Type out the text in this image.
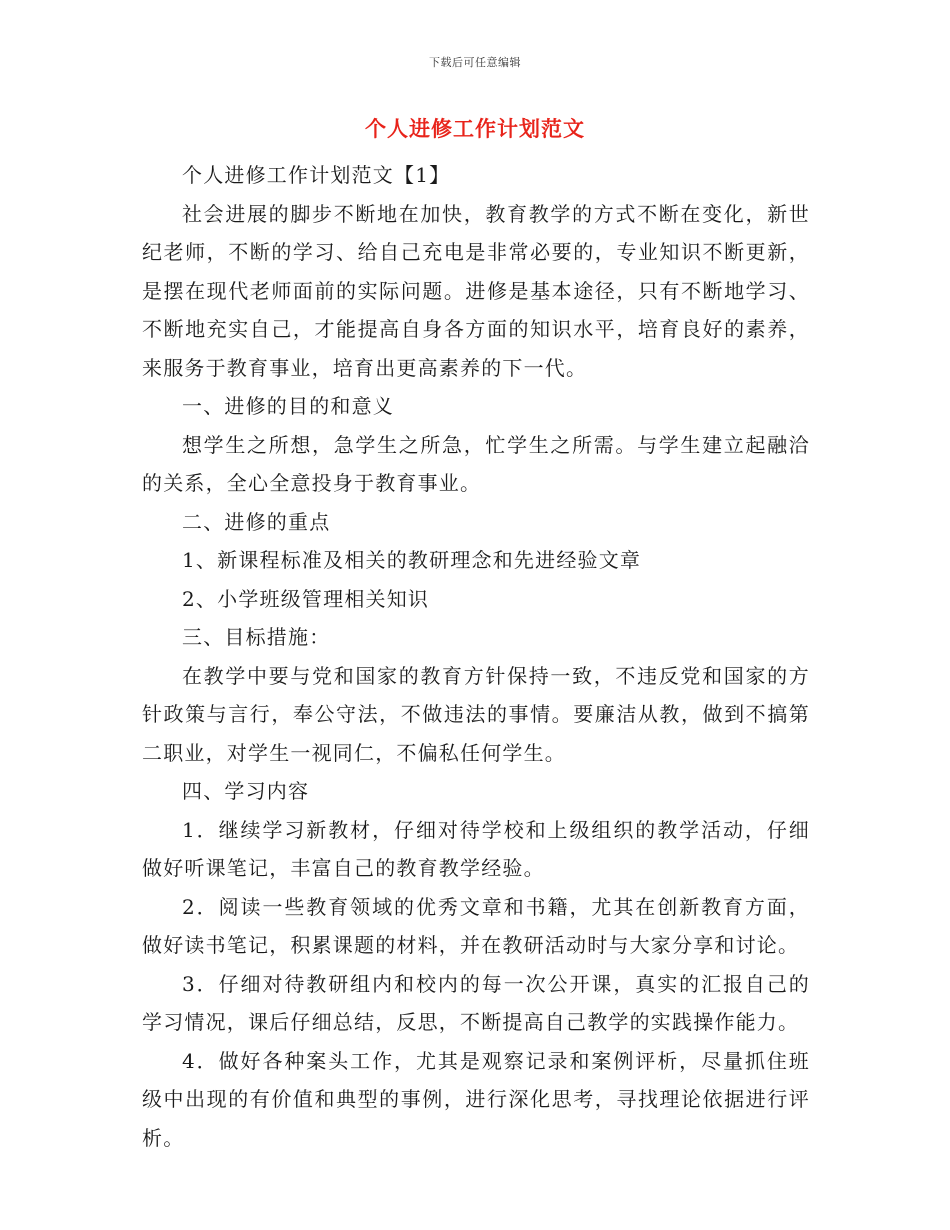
下载后可任意编辑
个人进修工作计划范文

个人进修工作计划范文【1】

社会进展的脚步不断地在加快，教育教学的方式不断在变化，新世纪老师，不断的学习、给自己充电是非常必要的，专业知识不断更新，是摆在现代老师面前的实际问题。进修是基本途径，只有不断地学习、不断地充实自己，才能提高自身各方面的知识水平，培育良好的素养，来服务于教育事业，培育出更高素养的下一代。

一、进修的目的和意义

想学生之所想，急学生之所急，忙学生之所需。与学生建立起融洽的关系，全心全意投身于教育事业。

二、进修的重点

1、新课程标准及相关的教研理念和先进经验文章

2、小学班级管理相关知识

三、目标措施：

在教学中要与党和国家的教育方针保持一致，不违反党和国家的方针政策与言行，奉公守法，不做违法的事情。要廉洁从教，做到不搞第二职业，对学生一视同仁，不偏私任何学生。

四、学习内容

1．继续学习新教材，仔细对待学校和上级组织的教学活动，仔细做好听课笔记，丰富自己的教育教学经验。

2．阅读一些教育领域的优秀文章和书籍，尤其在创新教育方面，做好读书笔记，积累课题的材料，并在教研活动时与大家分享和讨论。

3．仔细对待教研组内和校内的每一次公开课，真实的汇报自己的学习情况，课后仔细总结，反思，不断提高自己教学的实践操作能力。

4．做好各种案头工作，尤其是观察记录和案例评析，尽量抓住班级中出现的有价值和典型的事例，进行深化思考，寻找理论依据进行评析。
